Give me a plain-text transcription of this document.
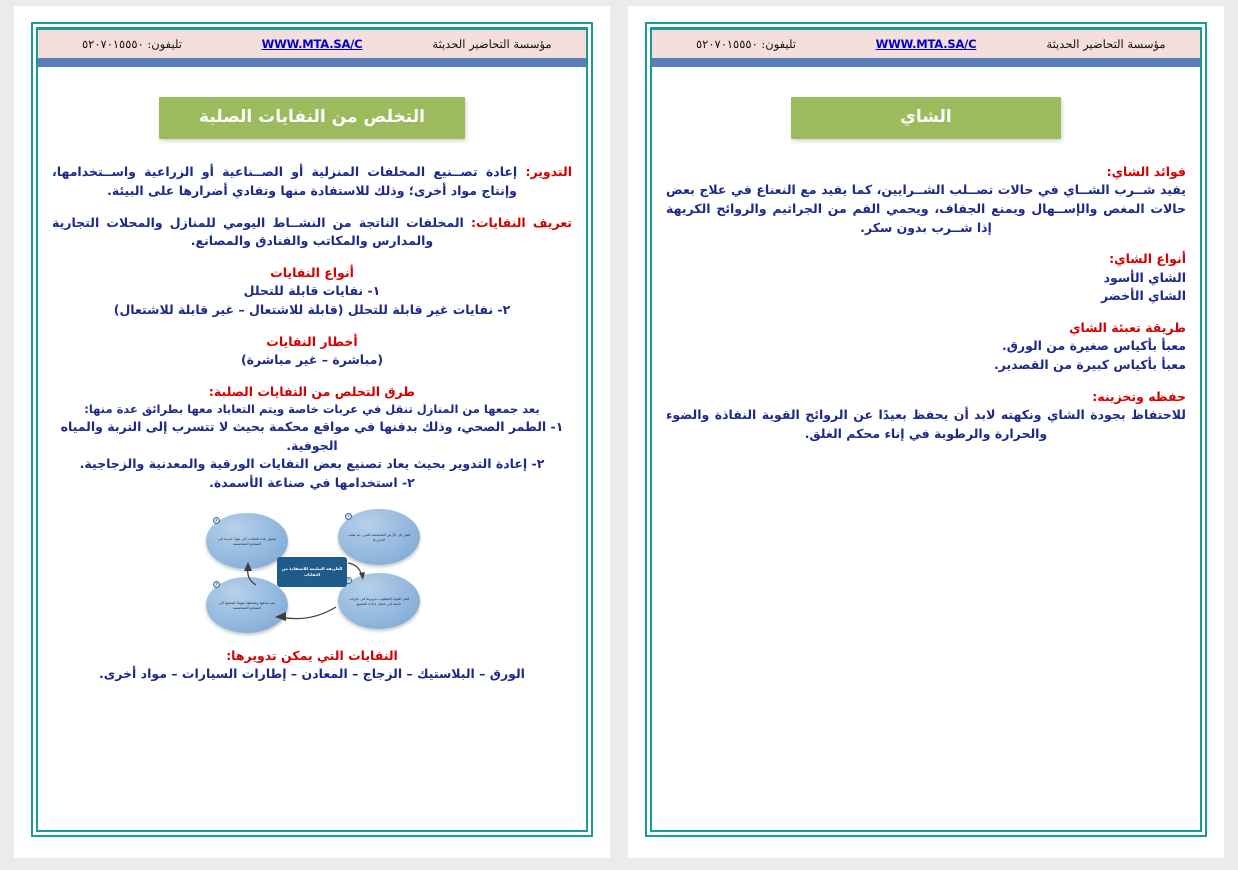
مؤسسة التحاضير الحديثة
WWW.MTA.SA/C
تليفون: ٠٥٥٥١٠٧٠٢٥
التخلص من النفايات الصلبة
التدوير: إعادة تصــنيع المخلفات المنزلية أو الصــناعية أو الزراعية واســتخدامها، وإنتاج مواد أخرى؛ وذلك للاستفادة منها وتفادي أضرارها على البيئة.
تعريف النفايات: المخلفات الناتجة من النشــاط اليومي للمنازل والمحلات التجارية والمدارس والمكاتب والفنادق والمصانع.
أنواع النفايات
١- نفايات قابلة للتحلل
٢- نفايات غير قابلة للتحلل (قابلة للاشتعال – غير قابلة للاشتعال)
أخطار النفايات
(مباشرة – غير مباشرة)
طرق التخلص من النفايات الصلبة:
بعد جمعها من المنازل تنقل في عربات خاصة ويتم التعاباد معها بطرائق عدة منها:
١- الطمر الصحي، وذلك بدفنها في مواقع محكمة بحيث لا تتسرب إلى التربة والمياه الجوفية.
٢- إعادة التدوير بحيث يعاد تصنيع بعض النفايات الورقية والمعدنية والزجاجية.
٢- استخدامها في صناعة الأسمدة.
١
تُنقل إلى الأرض المخصصة للفرز، ثم تقلب الحرارها
٢
تُنقل المواد المطلوب تدويرها في حاويات خاصة إلى معمل إعادة التصنيع
٣
يتم سحقها وضغطها تمهيدًا لشحنها إلى المصانع المتخصصة
٤
تتحول هذه النفايات إلى مواد جديدة في المصانع المتخصصة
الطريقة السليمة للاستفادة من النفايات
النفايات التي يمكن تدويرها:
الورق – البلاستيك – الزجاج – المعادن – إطارات السيارات – مواد أخرى.
مؤسسة التحاضير الحديثة
WWW.MTA.SA/C
تليفون: ٠٥٥٥١٠٧٠٢٥
الشاي
فوائد الشاي:
يفيد شــرب الشــاي في حالات تصــلب الشــرايين، كما يفيد مع النعناع في علاج بعض حالات المغص والإســهال ويمنع الجفاف، ويحمي الفم من الجراثيم والروائح الكريهة إذا شــرب بدون سكر.
أنواع الشاي:
الشاي الأسود
الشاي الأخضر
طريقة تعبئة الشاي
معبأ بأكياس صغيرة من الورق.
معبأ بأكياس كبيرة من القصدير.
حفظه وتخزينه:
للاحتفاظ بجودة الشاي ونكهته لابد أن يحفظ بعيدًا عن الروائح القوية النفاذة والضوء والحرارة والرطوبة في إناء محكم الغلق.
